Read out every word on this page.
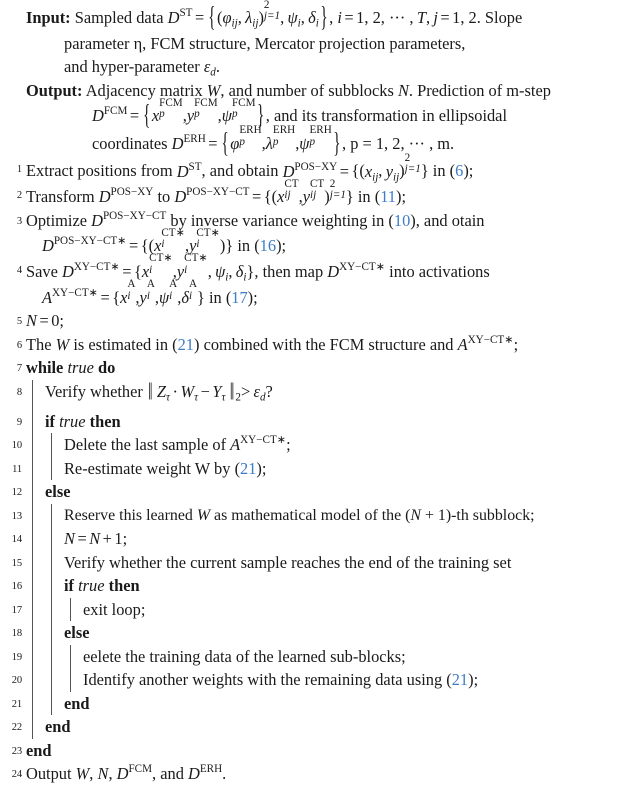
Input: Sampled data $DST = \{(\varphi_{ij}$, $\lambda_{ij}$)
2
j=1 , $\psi_i$, $\delta_i$}, i = 1, 2, ··· , T, j = 1, 2. Slope
parameter η, FCM structure, Mercator projection parameters,
and hyper-parameter $\varepsilon_d$.
Output: Adjacency matrix W, and number of subblocks N. Prediction of m-step
$D^{FCM} = \{x$
FCM
p	,y
FCM
p	,ψ
FCM
p	}, and its transformation in ellipsoidal
coordinates $D^{ERH} = \{\varphi$
ERH
p	,λ
ERH
p	,ψ
ERH
p	}, p = 1, 2, ··· , m.
1 Extract positions from DST, and obtain $D^{POS-XY} = \{(x_{ij}$, $y_{ij}$)
2
j=1 } in (6);
2 Transform $D^{POS-XY}$ to $D^{POS-XY-CT} = \{(x$
CT
ij ,y
CT
ij )
2
j=1 } in (11);
3 Optimize $D^{POS-XY-CT}$ by inverse variance weighting in (10), and otain
$D^{POS-XY-CT∗} = \{(x$
CT∗
i	,y
CT∗
i	)} in (16);
4 Save $D^{XY-CT∗} = \{x$
CT∗
i	,y
CT∗
i	, $\psi_i$, $\delta_i$}, then map $D^{XY-CT∗}$ into activations
$A^{XY-CT∗} = \{x$
A
i ,y
A
i ,ψ
A
i ,δ
A
i } in (17);
5 N = 0;
6 The W is estimated in (21) combined with the FCM structure and $A^{XY-CT∗}$;
7 while true do
8	Verify whether ‖  $Z_\tau \cdot W_\tau - Y_\tau$  $‖_2> \varepsilon_d$?
9	if true then
10	Delete the last sample of $A^{XY-CT∗}$;
11	Re-estimate weight W by (21);
12	else
13	Reserve this learned W as mathematical model of the (N + 1)-th subblock;
14	N = N + 1;
15	Verify whether the current sample reaches the end of the training set
16	if true then
17	exit loop;
18	else
19	eelete the training data of the learned sub-blocks;
20	Identify another weights with the remaining data using (21);
21	end
22	end
23 end
24 Output W, N, $D^{FCM}$, and $D^{ERH}$.
